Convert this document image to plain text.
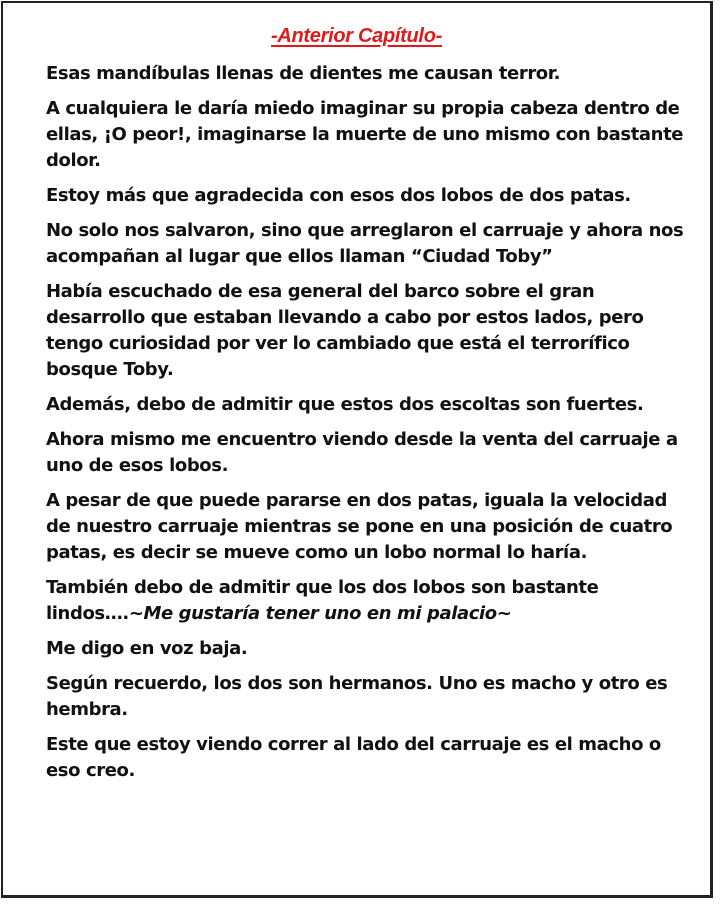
-Anterior Capítulo-

Esas mandíbulas llenas de dientes me causan terror.

A cualquiera le daría miedo imaginar su propia cabeza dentro de ellas, ¡O peor!, imaginarse la muerte de uno mismo con bastante dolor.

Estoy más que agradecida con esos dos lobos de dos patas.

No solo nos salvaron, sino que arreglaron el carruaje y ahora nos acompañan al lugar que ellos llaman “Ciudad Toby”

Había escuchado de esa general del barco sobre el gran desarrollo que estaban llevando a cabo por estos lados, pero tengo curiosidad por ver lo cambiado que está el terrorífico bosque Toby.

Además, debo de admitir que estos dos escoltas son fuertes.

Ahora mismo me encuentro viendo desde la venta del carruaje a uno de esos lobos.

A pesar de que puede pararse en dos patas, iguala la velocidad de nuestro carruaje mientras se pone en una posición de cuatro patas, es decir se mueve como un lobo normal lo haría.

También debo de admitir que los dos lobos son bastante lindos….~Me gustaría tener uno en mi palacio~

Me digo en voz baja.

Según recuerdo, los dos son hermanos. Uno es macho y otro es hembra.

Este que estoy viendo correr al lado del carruaje es el macho o eso creo.
